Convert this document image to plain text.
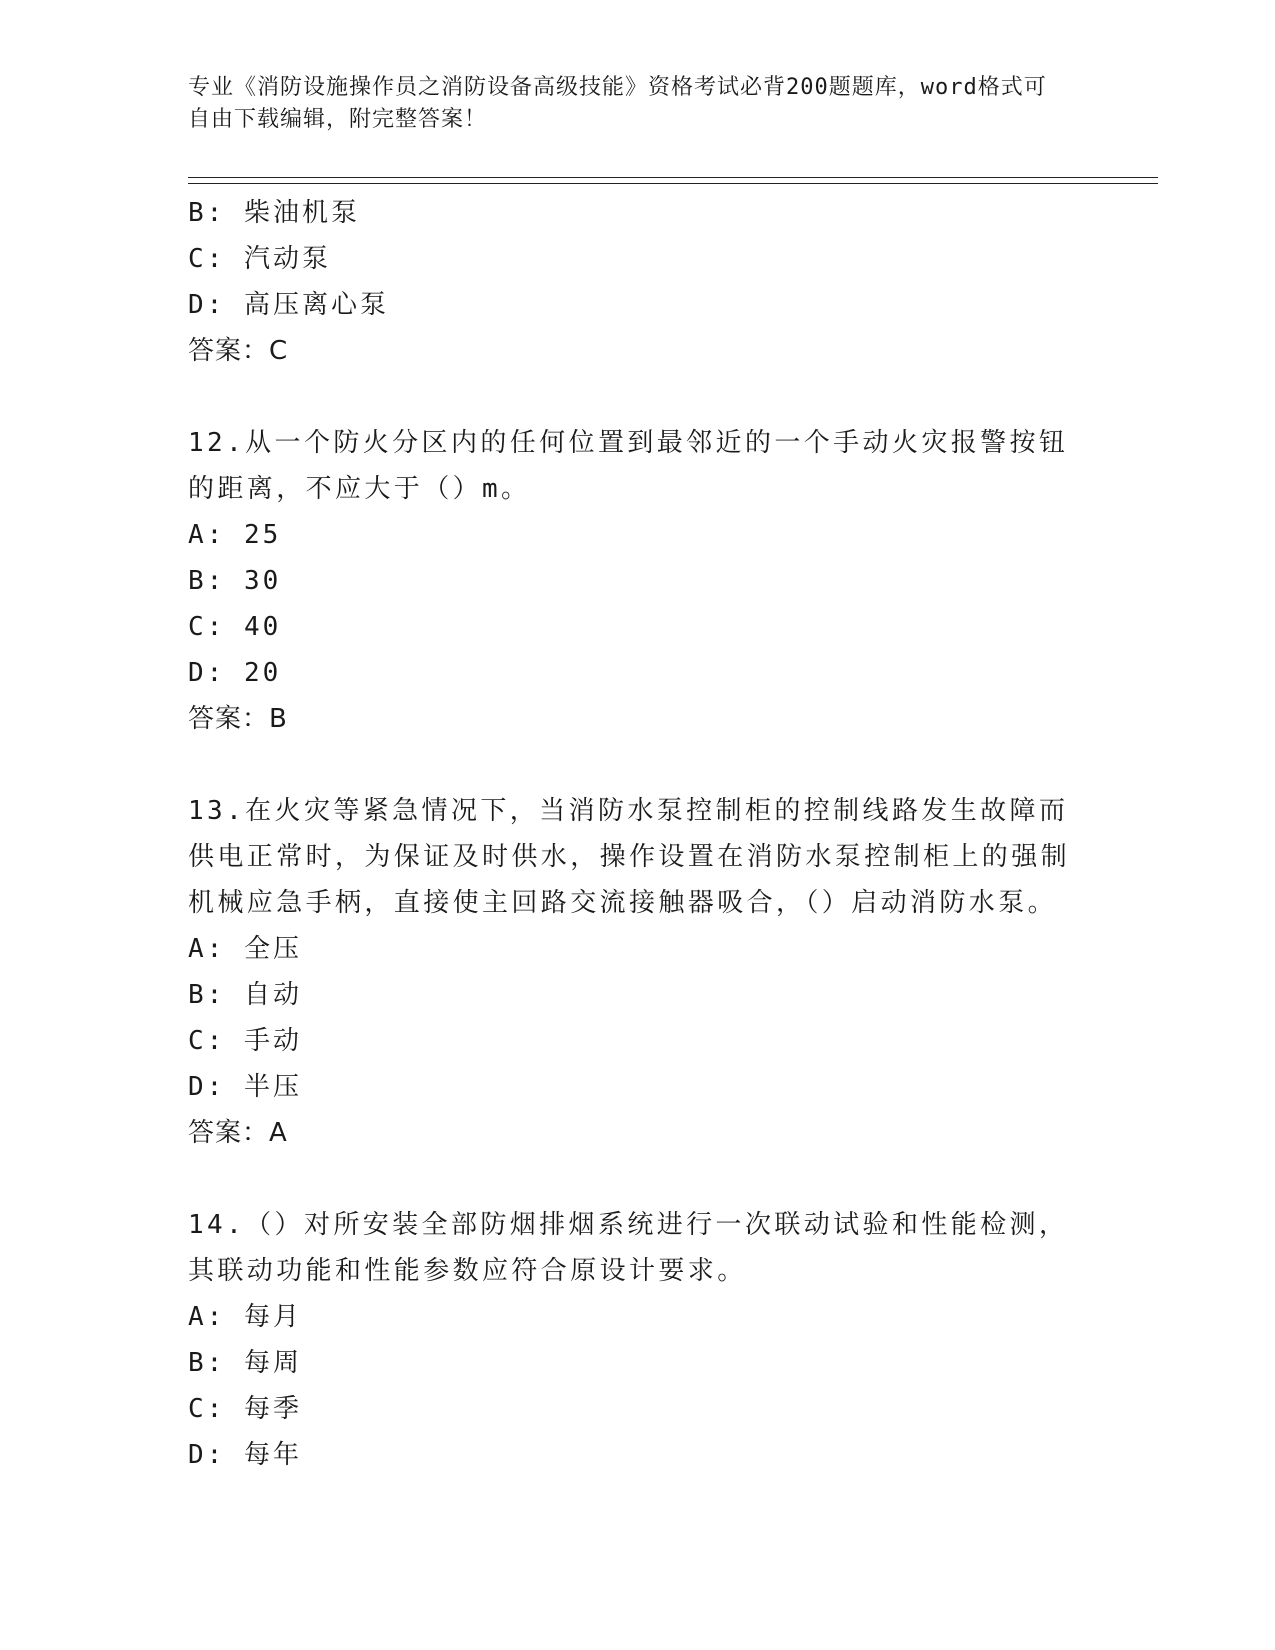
专业《消防设施操作员之消防设备高级技能》资格考试必背200题题库，word格式可自由下载编辑，附完整答案！
B: 柴油机泵
C: 汽动泵
D: 高压离心泵
答案：C
12.从一个防火分区内的任何位置到最邻近的一个手动火灾报警按钮的距离，不应大于（）m。
A: 25
B: 30
C: 40
D: 20
答案：B
13.在火灾等紧急情况下，当消防水泵控制柜的控制线路发生故障而供电正常时，为保证及时供水，操作设置在消防水泵控制柜上的强制机械应急手柄，直接使主回路交流接触器吸合，（）启动消防水泵。
A: 全压
B: 自动
C: 手动
D: 半压
答案：A
14.（）对所安装全部防烟排烟系统进行一次联动试验和性能检测，其联动功能和性能参数应符合原设计要求。
A: 每月
B: 每周
C: 每季
D: 每年
